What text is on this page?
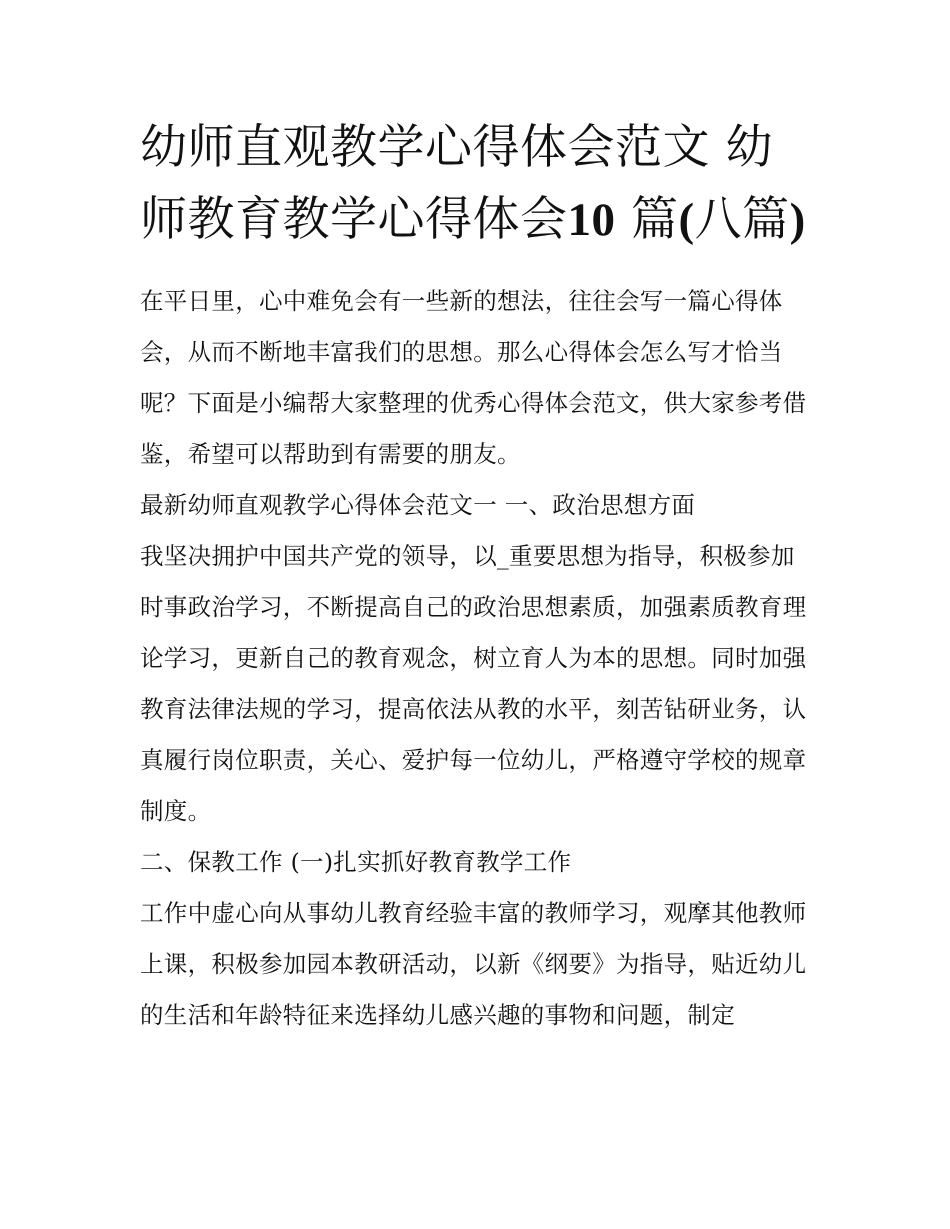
幼师直观教学心得体会范文 幼师教育教学心得体会10 篇(八篇)

在平日里，心中难免会有一些新的想法，往往会写一篇心得体会，从而不断地丰富我们的思想。那么心得体会怎么写才恰当呢？下面是小编帮大家整理的优秀心得体会范文，供大家参考借鉴，希望可以帮助到有需要的朋友。

最新幼师直观教学心得体会范文一 一、政治思想方面

我坚决拥护中国共产党的领导，以_重要思想为指导，积极参加时事政治学习，不断提高自己的政治思想素质，加强素质教育理论学习，更新自己的教育观念，树立育人为本的思想。同时加强教育法律法规的学习，提高依法从教的水平，刻苦钻研业务，认真履行岗位职责，关心、爱护每一位幼儿，严格遵守学校的规章制度。

二、保教工作 (一)扎实抓好教育教学工作

工作中虚心向从事幼儿教育经验丰富的教师学习，观摩其他教师上课，积极参加园本教研活动，以新《纲要》为指导，贴近幼儿的生活和年龄特征来选择幼儿感兴趣的事物和问题，制定
